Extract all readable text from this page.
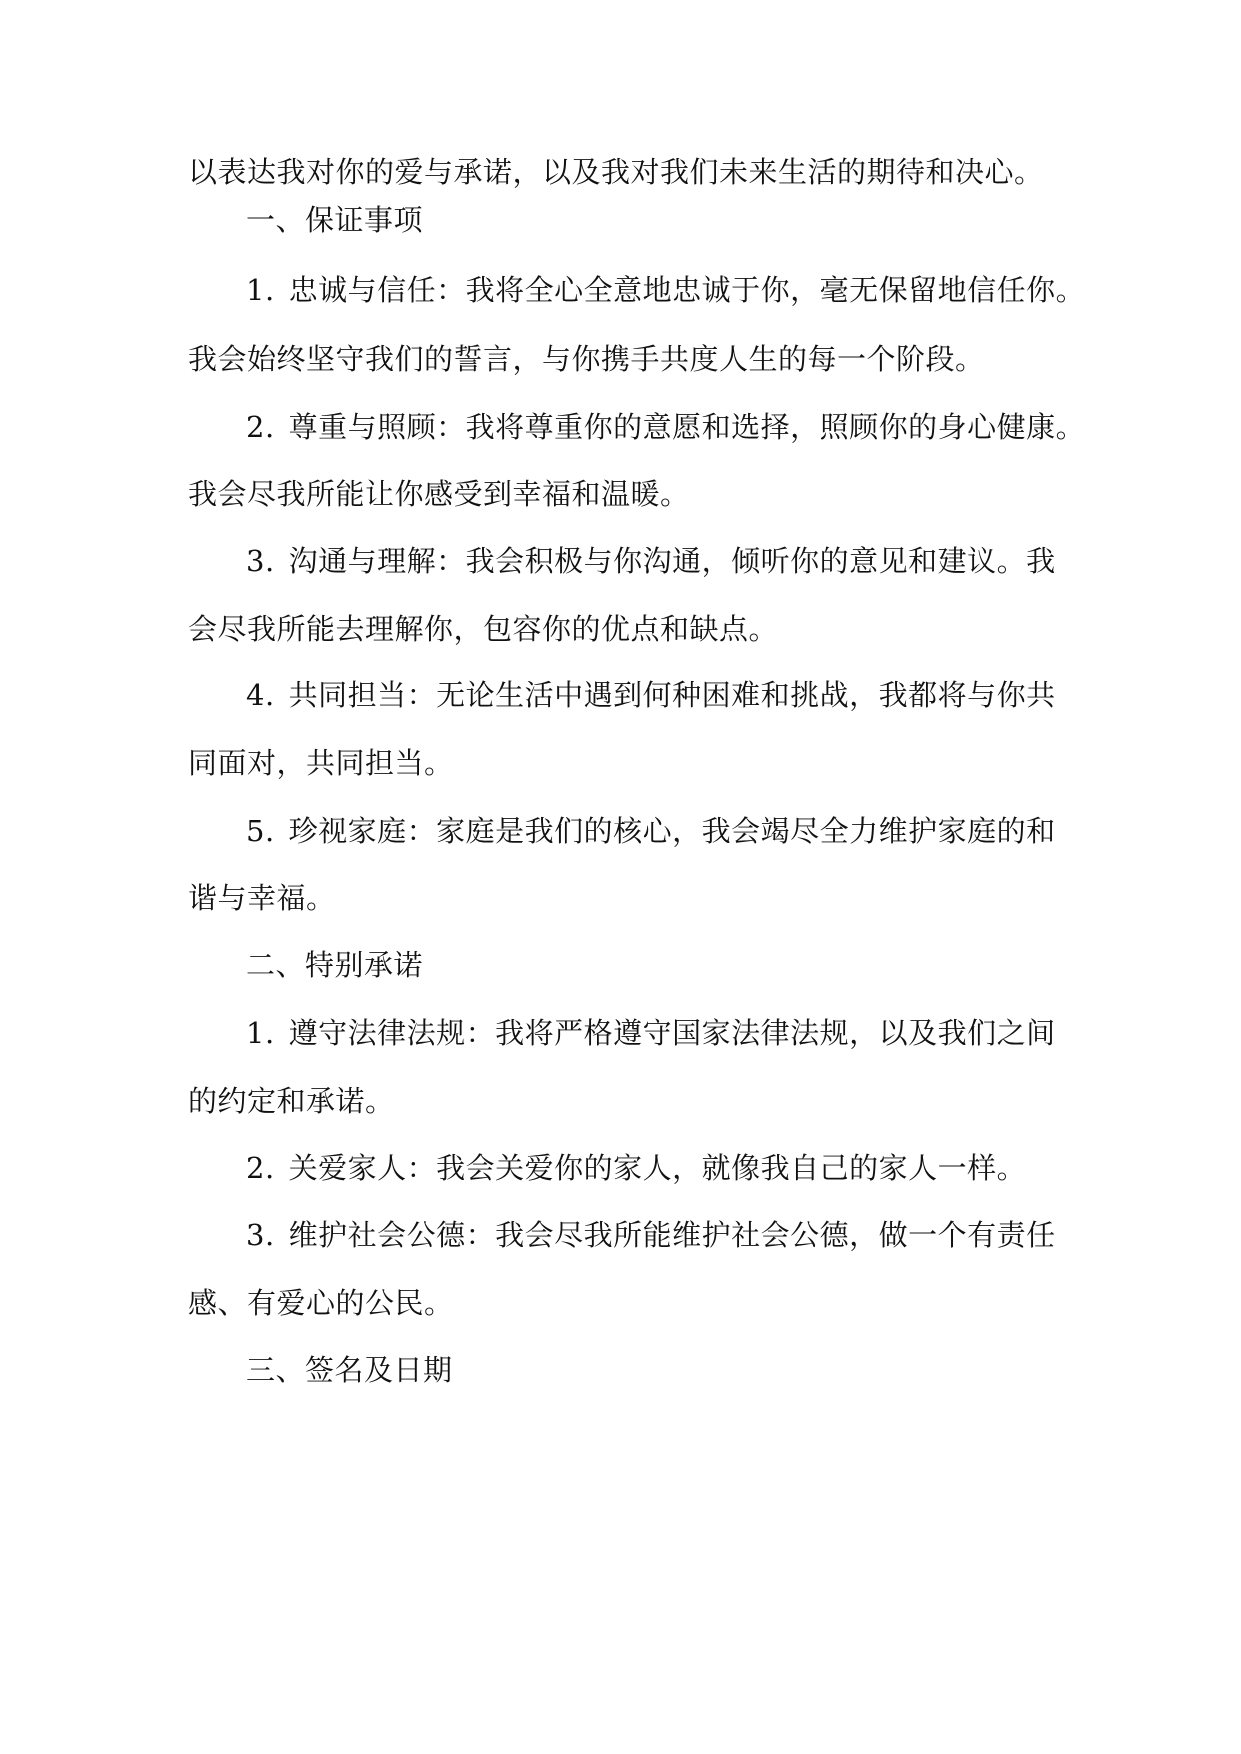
以表达我对你的爱与承诺，以及我对我们未来生活的期待和决心。
一、保证事项
1. 忠诚与信任：我将全心全意地忠诚于你，毫无保留地信任你。
我会始终坚守我们的誓言，与你携手共度人生的每一个阶段。
2. 尊重与照顾：我将尊重你的意愿和选择，照顾你的身心健康。
我会尽我所能让你感受到幸福和温暖。
3. 沟通与理解：我会积极与你沟通，倾听你的意见和建议。我
会尽我所能去理解你，包容你的优点和缺点。
4. 共同担当：无论生活中遇到何种困难和挑战，我都将与你共
同面对，共同担当。
5. 珍视家庭：家庭是我们的核心，我会竭尽全力维护家庭的和
谐与幸福。
二、特别承诺
1. 遵守法律法规：我将严格遵守国家法律法规，以及我们之间
的约定和承诺。
2. 关爱家人：我会关爱你的家人，就像我自己的家人一样。
3. 维护社会公德：我会尽我所能维护社会公德，做一个有责任
感、有爱心的公民。
三、签名及日期
